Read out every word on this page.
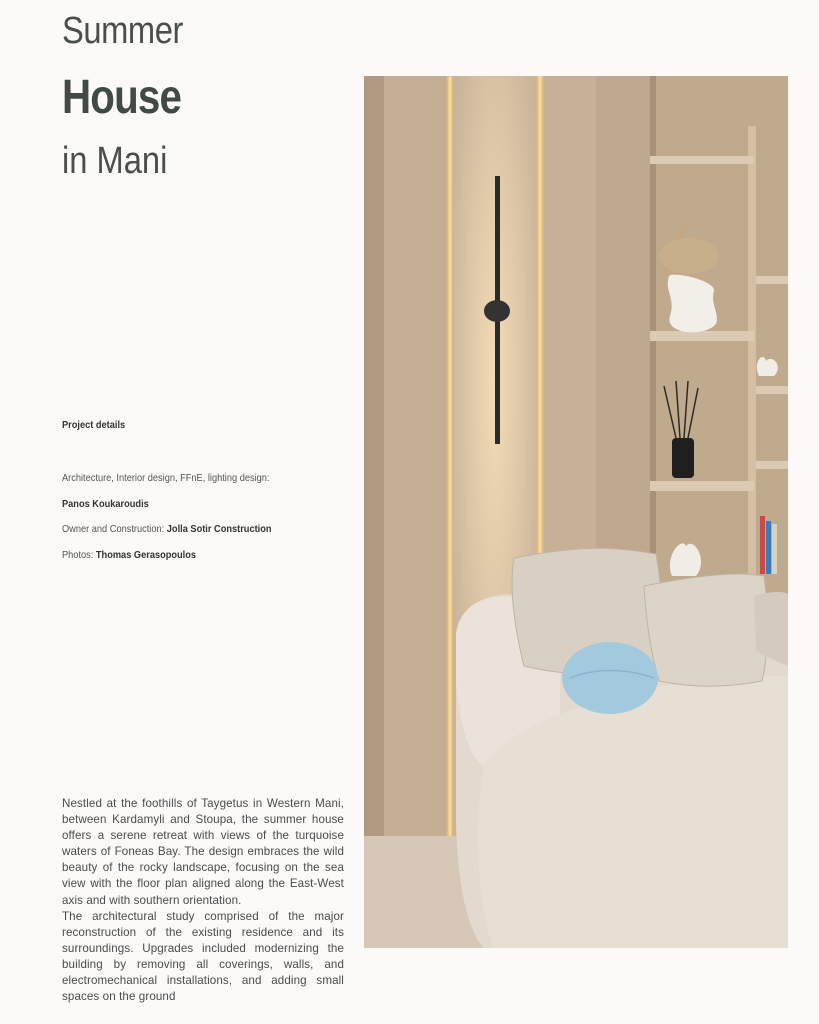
Summer
House
in Mani
Project details
Architecture, Interior design, FFnE, lighting design:
Panos Koukaroudis
Owner and Construction: Jolla Sotir Construction
Photos: Thomas Gerasopoulos

Nestled at the foothills of Taygetus in Western Mani, between Kardamyli and Stoupa, the summer house offers a serene retreat with views of the turquoise waters of Foneas Bay. The design embraces the wild beauty of the rocky landscape, focusing on the sea view with the floor plan aligned along the East-West axis and with southern orientation.

The architectural study comprised of the major reconstruction of the existing residence and its surroundings. Upgrades included modernizing the building by removing all coverings, walls, and electromechanical installations, and adding small spaces on the ground
